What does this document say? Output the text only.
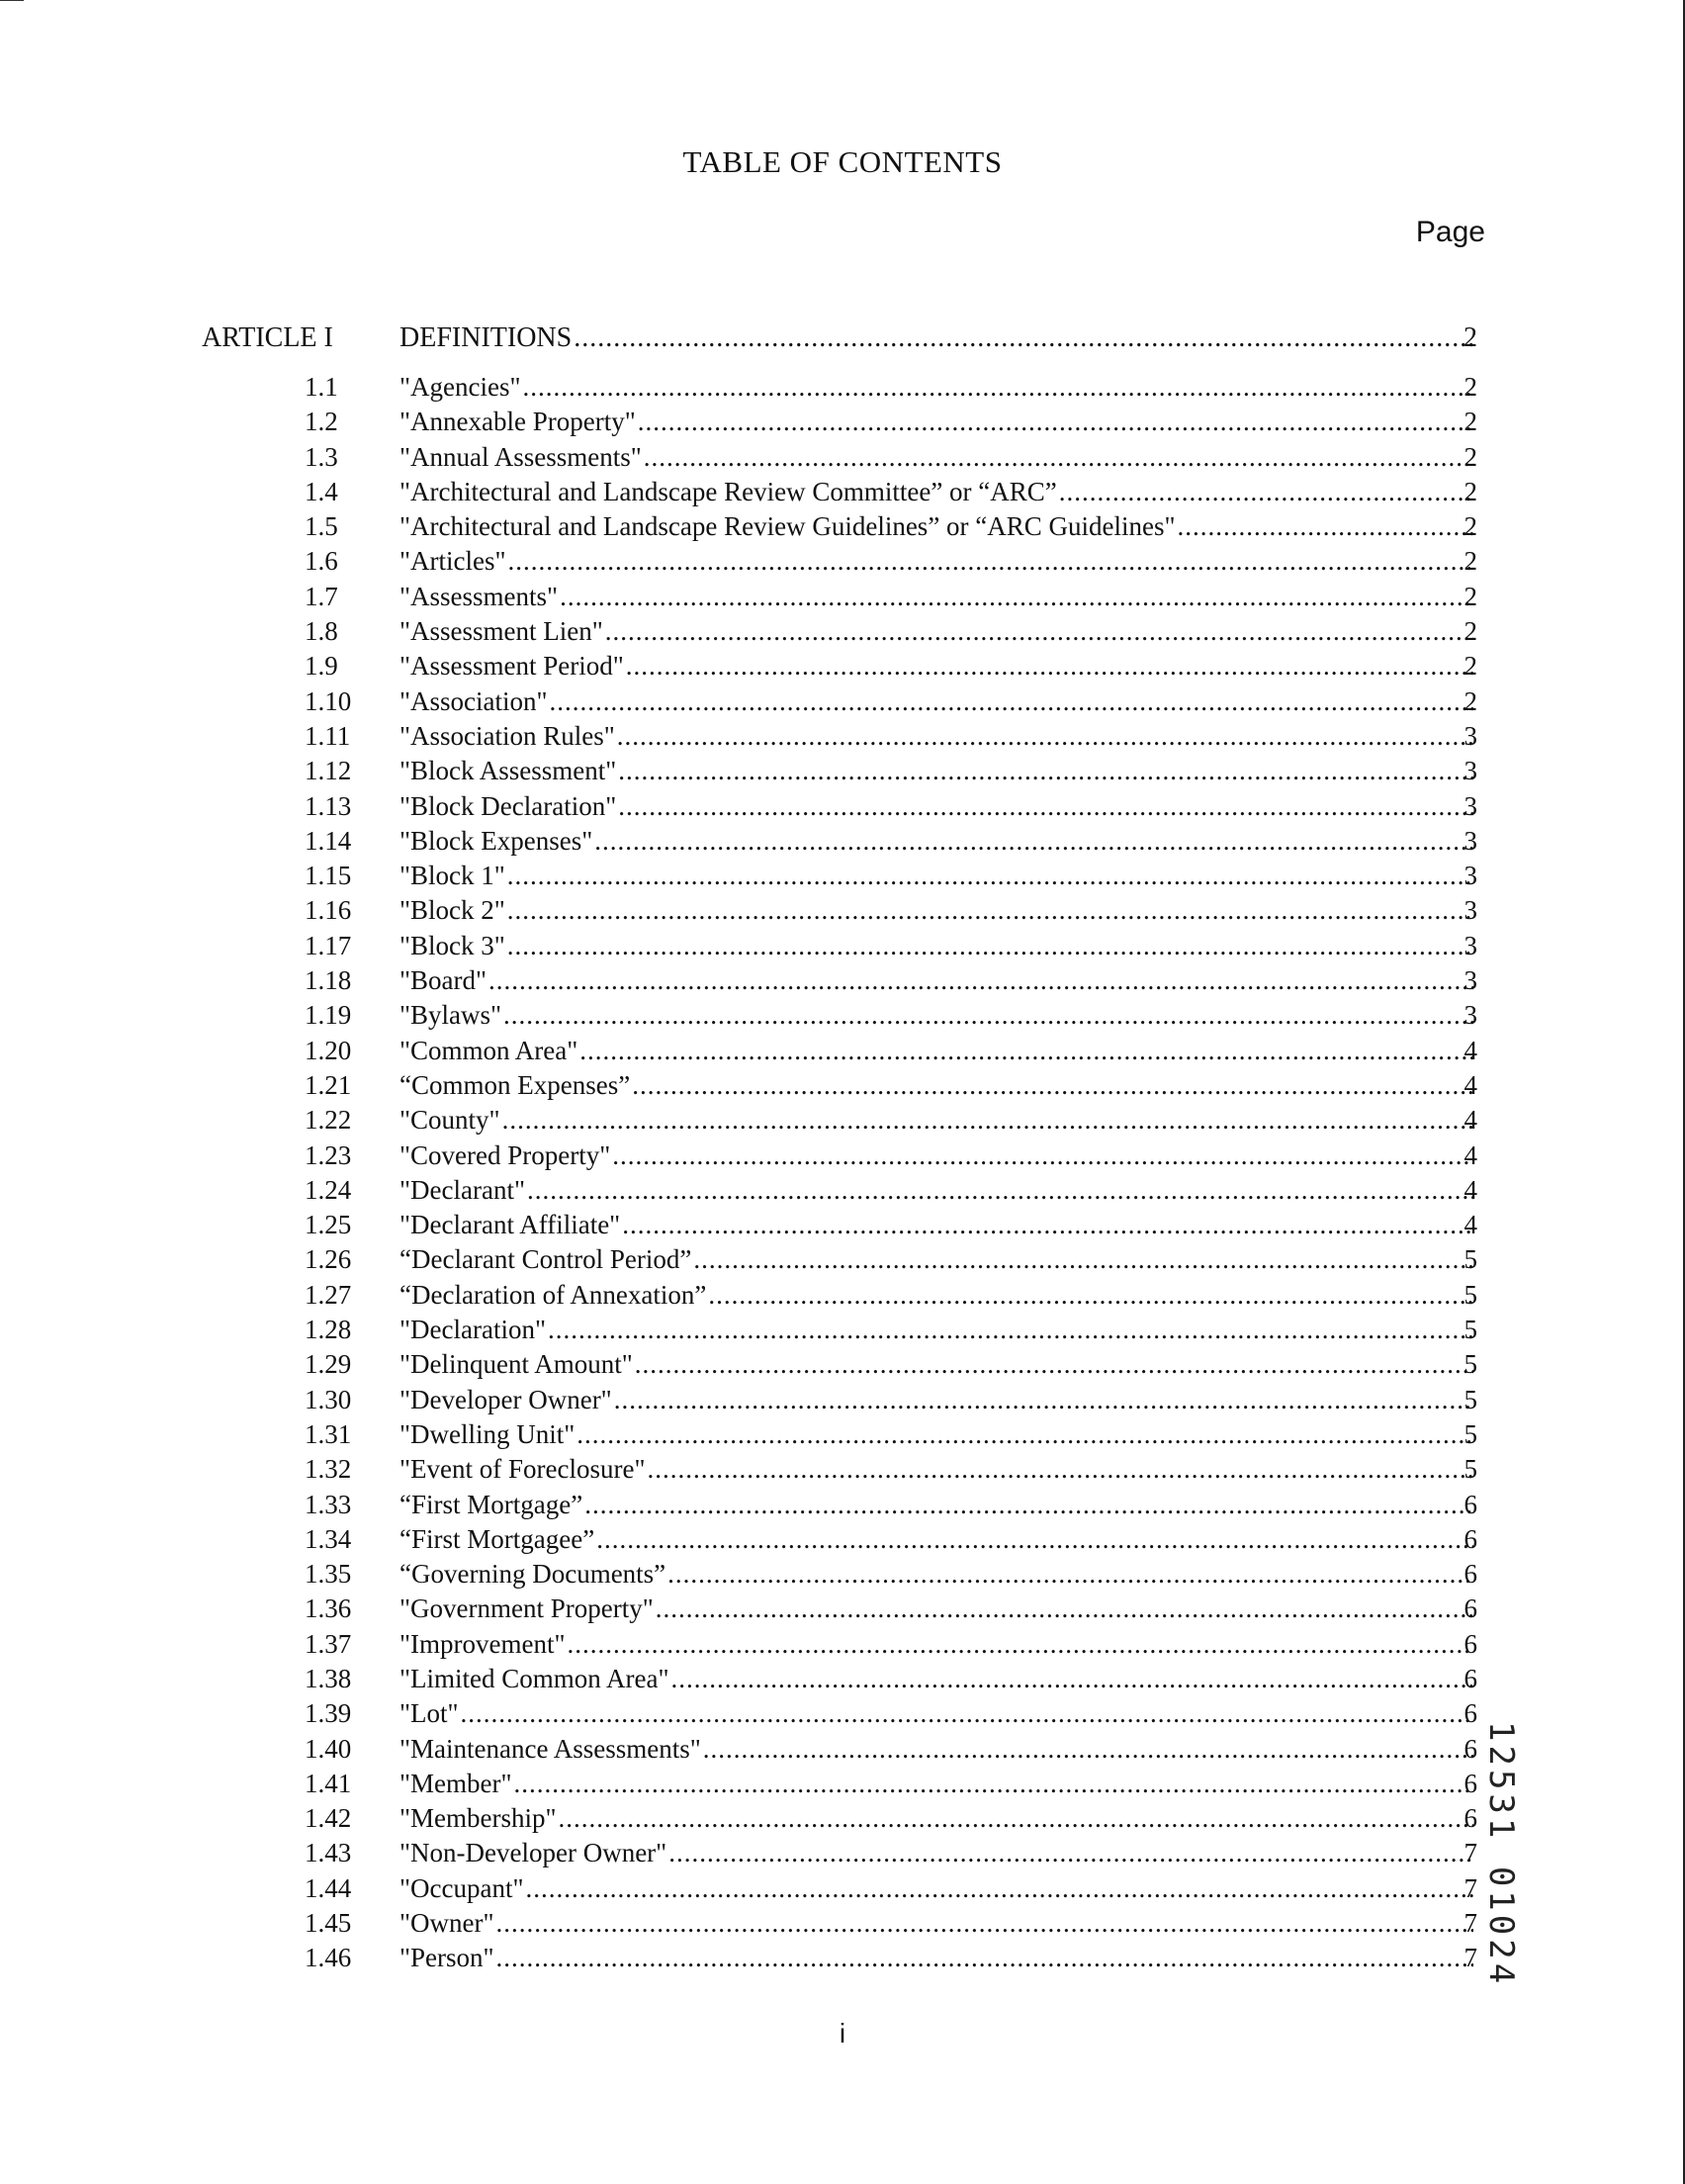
TABLE OF CONTENTS
Page
ARTICLE I DEFINITIONS .....	2
1.1 "Agencies" .....	2
1.2 "Annexable Property" .....	2
1.3 "Annual Assessments" .....	2
1.4 "Architectural and Landscape Review Committee” or “ARC” .....	2
1.5 "Architectural and Landscape Review Guidelines” or “ARC Guidelines" .....	2
1.6 "Articles" .....	2
1.7 "Assessments" .....	2
1.8 "Assessment Lien" .....	2
1.9 "Assessment Period" .....	2
1.10 "Association" .....	2
1.11 "Association Rules" .....	3
1.12 "Block Assessment" .....	3
1.13 "Block Declaration" .....	3
1.14 "Block Expenses" .....	3
1.15 "Block 1" .....	3
1.16 "Block 2" .....	3
1.17 "Block 3" .....	3
1.18 "Board" .....	3
1.19 "Bylaws" .....	3
1.20 "Common Area" .....	4
1.21 “Common Expenses” .....	4
1.22 "County" .....	4
1.23 "Covered Property" .....	4
1.24 "Declarant" .....	4
1.25 "Declarant Affiliate" .....	4
1.26 “Declarant Control Period” .....	5
1.27 “Declaration of Annexation” .....	5
1.28 "Declaration" .....	5
1.29 "Delinquent Amount" .....	5
1.30 "Developer Owner" .....	5
1.31 "Dwelling Unit" .....	5
1.32 "Event of Foreclosure" .....	5
1.33 “First Mortgage” .....	6
1.34 “First Mortgagee” .....	6
1.35 “Governing Documents” .....	6
1.36 "Government Property" .....	6
1.37 "Improvement" .....	6
1.38 "Limited Common Area" .....	6
1.39 "Lot" .....	6
1.40 "Maintenance Assessments" .....	6
1.41 "Member" .....	6
1.42 "Membership" .....	6
1.43 "Non-Developer Owner" .....	7
1.44 "Occupant" .....	7
1.45 "Owner" .....	7
1.46 "Person" .....	7
i
12531 01024
